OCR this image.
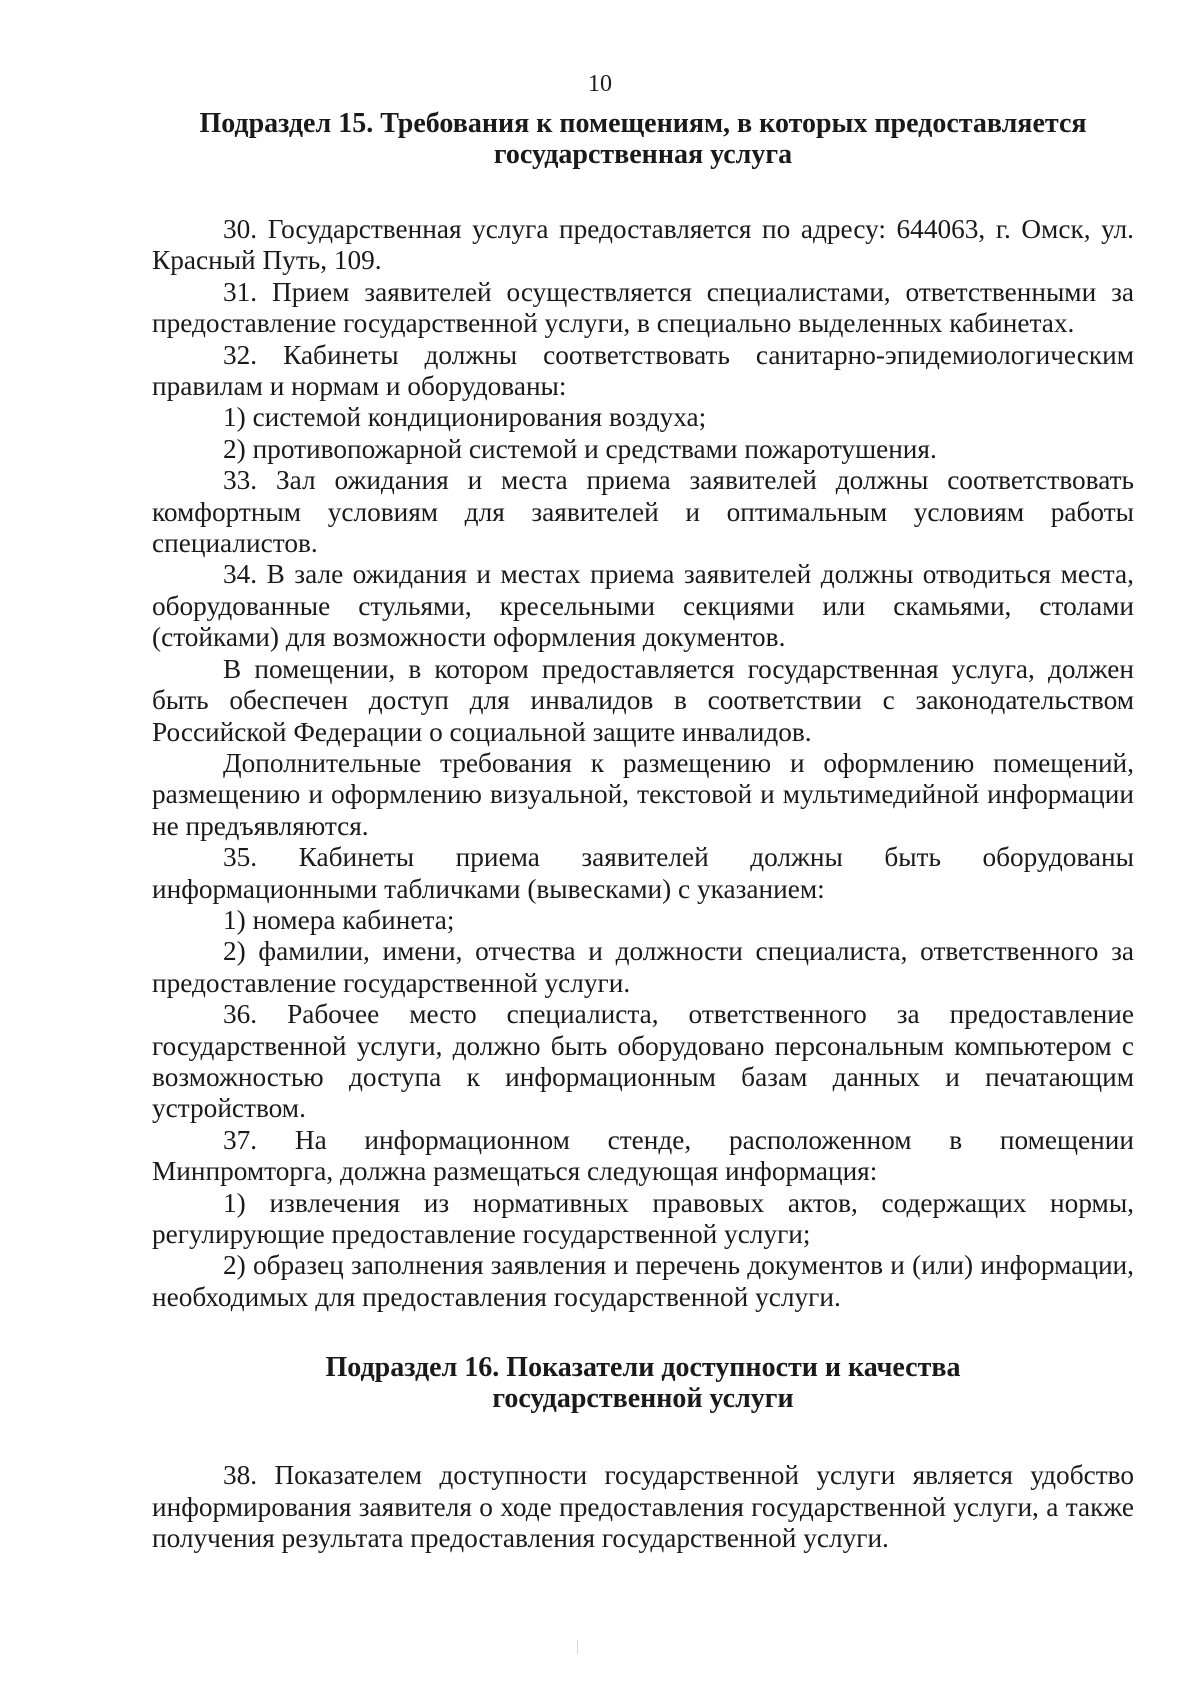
10
Подраздел 15. Требования к помещениям, в которых предоставляется
государственная услуга

30. Государственная услуга предоставляется по адресу: 644063, г. Омск, ул. Красный Путь, 109.

31. Прием заявителей осуществляется специалистами, ответственными за предоставление государственной услуги, в специально выделенных кабинетах.

32. Кабинеты должны соответствовать санитарно-эпидемиологическим правилам и нормам и оборудованы:

1) системой кондиционирования воздуха;

2) противопожарной системой и средствами пожаротушения.

33. Зал ожидания и места приема заявителей должны соответствовать комфортным условиям для заявителей и оптимальным условиям работы специалистов.

34. В зале ожидания и местах приема заявителей должны отводиться места, оборудованные стульями, кресельными секциями или скамьями, столами (стойками) для возможности оформления документов.

В помещении, в котором предоставляется государственная услуга, должен быть обеспечен доступ для инвалидов в соответствии с законодательством Российской Федерации о социальной защите инвалидов.

Дополнительные требования к размещению и оформлению помещений, размещению и оформлению визуальной, текстовой и мультимедийной информации не предъявляются.

35. Кабинеты приема заявителей должны быть оборудованы информационными табличками (вывесками) с указанием:

1) номера кабинета;

2) фамилии, имени, отчества и должности специалиста, ответственного за предоставление государственной услуги.

36. Рабочее место специалиста, ответственного за предоставление государственной услуги, должно быть оборудовано персональным компьютером с возможностью доступа к информационным базам данных и печатающим устройством.

37. На информационном стенде, расположенном в помещении Минпромторга, должна размещаться следующая информация:

1) извлечения из нормативных правовых актов, содержащих нормы, регулирующие предоставление государственной услуги;

2) образец заполнения заявления и перечень документов и (или) информации, необходимых для предоставления государственной услуги.

Подраздел 16. Показатели доступности и качества
государственной услуги

38. Показателем доступности государственной услуги является удобство информирования заявителя о ходе предоставления государственной услуги, а также получения результата предоставления государственной услуги.
